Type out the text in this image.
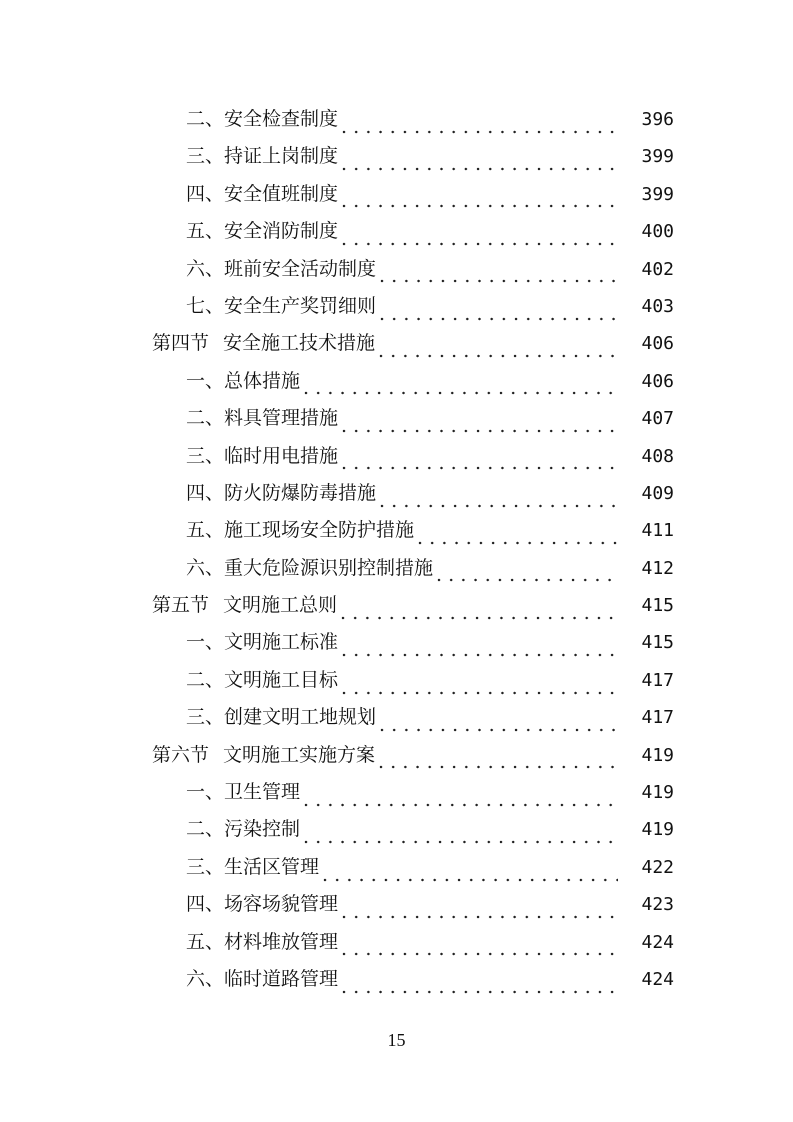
二、安全检查制度	396
三、持证上岗制度	399
四、安全值班制度	399
五、安全消防制度	400
六、班前安全活动制度	402
七、安全生产奖罚细则	403
第四节 安全施工技术措施	406
一、总体措施	406
二、料具管理措施	407
三、临时用电措施	408
四、防火防爆防毒措施	409
五、施工现场安全防护措施	411
六、重大危险源识别控制措施	412
第五节 文明施工总则	415
一、文明施工标准	415
二、文明施工目标	417
三、创建文明工地规划	417
第六节 文明施工实施方案	419
一、卫生管理	419
二、污染控制	419
三、生活区管理	422
四、场容场貌管理	423
五、材料堆放管理	424
六、临时道路管理	424
15
